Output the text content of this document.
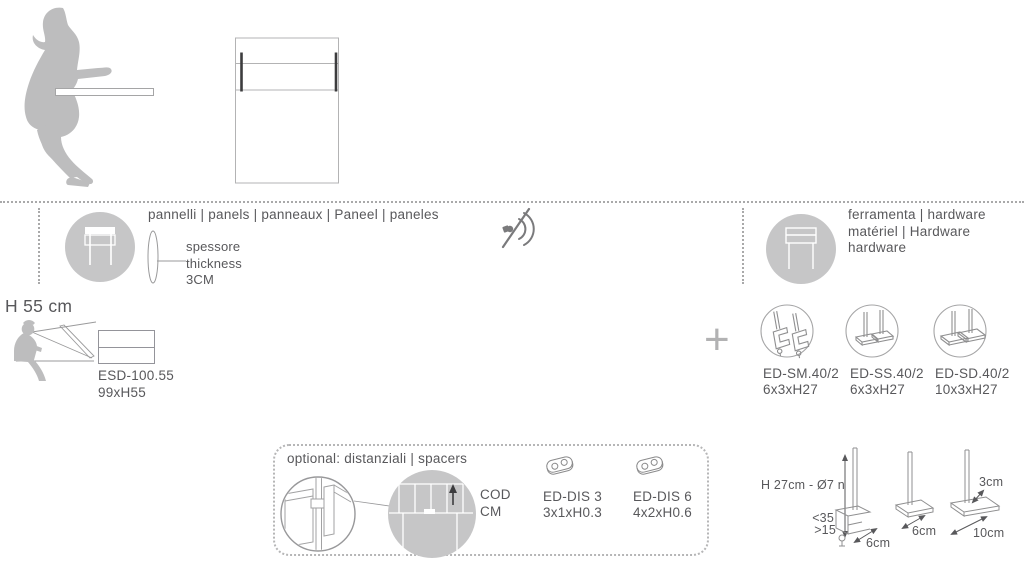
pannelli | panels | panneaux | Paneel | paneles
spessore
thickness
3CM
ferramenta | hardware
matériel | Hardware
hardware
H 55 cm
ESD-100.55
99xH55
+
ED-SM.40/2
6x3xH27
ED-SS.40/2
6x3xH27
ED-SD.40/2
10x3xH27
optional: distanziali | spacers
COD
CM
ED-DIS 3
3x1xH0.3
ED-DIS 6
4x2xH0.6
H 27cm - Ø7 n
<35
>15
6cm
6cm
3cm
10cm
